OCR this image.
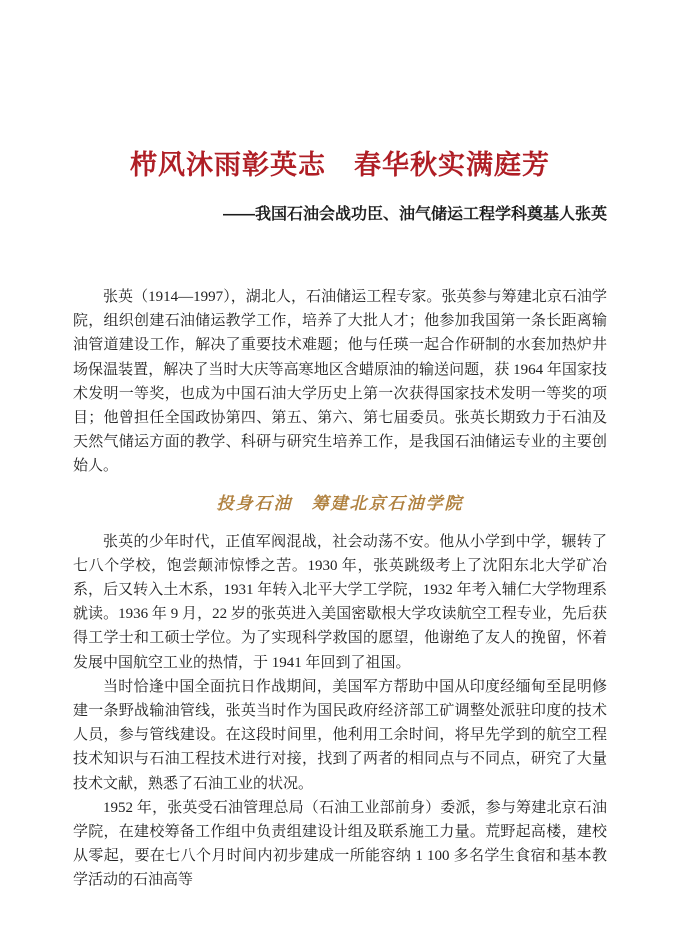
栉风沐雨彰英志　春华秋实满庭芳
——我国石油会战功臣、油气储运工程学科奠基人张英

张英（1914—1997），湖北人，石油储运工程专家。张英参与筹建北京石油学院，组织创建石油储运教学工作，培养了大批人才；他参加我国第一条长距离输油管道建设工作，解决了重要技术难题；他与任瑛一起合作研制的水套加热炉井场保温装置，解决了当时大庆等高寒地区含蜡原油的输送问题，获 1964 年国家技术发明一等奖，也成为中国石油大学历史上第一次获得国家技术发明一等奖的项目；他曾担任全国政协第四、第五、第六、第七届委员。张英长期致力于石油及天然气储运方面的教学、科研与研究生培养工作，是我国石油储运专业的主要创始人。

投身石油　筹建北京石油学院

张英的少年时代，正值军阀混战，社会动荡不安。他从小学到中学，辗转了七八个学校，饱尝颠沛惊悸之苦。1930 年，张英跳级考上了沈阳东北大学矿冶系，后又转入土木系，1931 年转入北平大学工学院，1932 年考入辅仁大学物理系就读。1936 年 9 月，22 岁的张英进入美国密歇根大学攻读航空工程专业，先后获得工学士和工硕士学位。为了实现科学救国的愿望，他谢绝了友人的挽留，怀着发展中国航空工业的热情，于 1941 年回到了祖国。

当时恰逢中国全面抗日作战期间，美国军方帮助中国从印度经缅甸至昆明修建一条野战输油管线，张英当时作为国民政府经济部工矿调整处派驻印度的技术人员，参与管线建设。在这段时间里，他利用工余时间，将早先学到的航空工程技术知识与石油工程技术进行对接，找到了两者的相同点与不同点，研究了大量技术文献，熟悉了石油工业的状况。

1952 年，张英受石油管理总局（石油工业部前身）委派，参与筹建北京石油学院，在建校筹备工作组中负责组建设计组及联系施工力量。荒野起高楼，建校从零起，要在七八个月时间内初步建成一所能容纳 1 100 多名学生食宿和基本教学活动的石油高等
